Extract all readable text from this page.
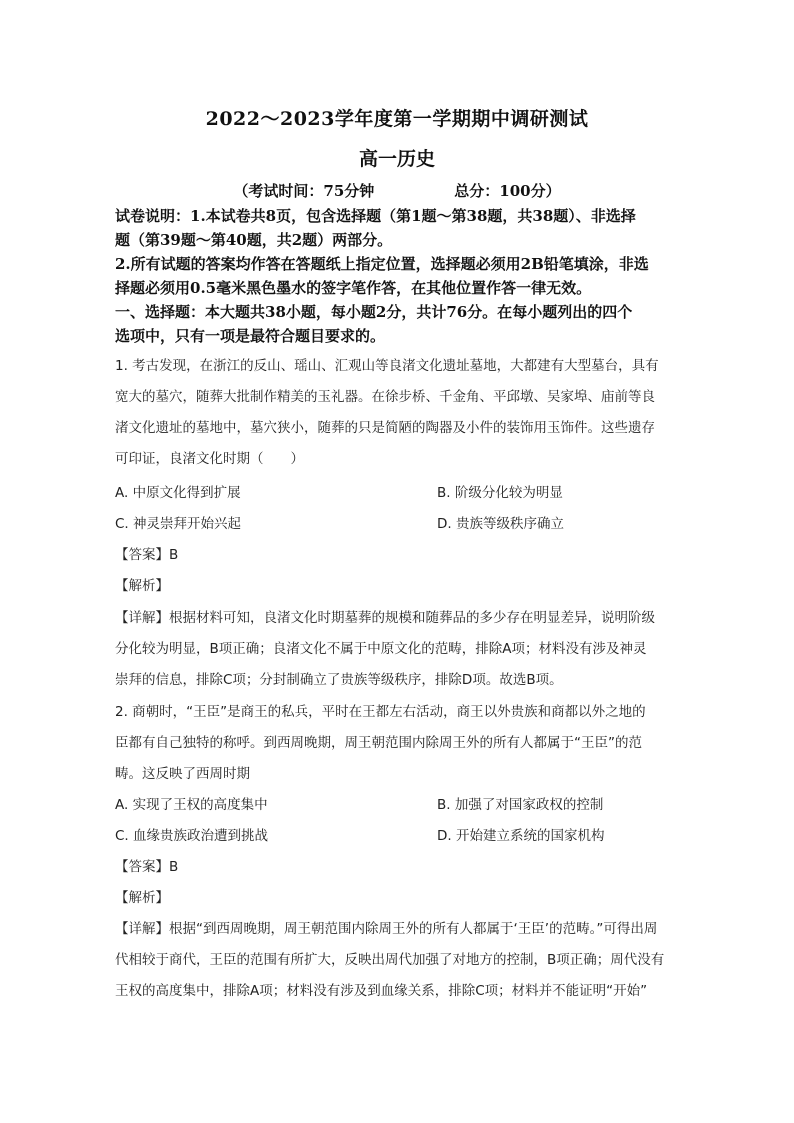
2022～2023学年度第一学期期中调研测试
高一历史
（考试时间：75分钟	总分：100分）
试卷说明：1.本试卷共8页，包含选择题（第1题～第38题，共38题）、非选择
题（第39题～第40题，共2题）两部分。
2.所有试题的答案均作答在答题纸上指定位置，选择题必须用2B铅笔填涂，非选
择题必须用0.5毫米黑色墨水的签字笔作答，在其他位置作答一律无效。
一、选择题：本大题共38小题，每小题2分，共计76分。在每小题列出的四个
选项中，只有一项是最符合题目要求的。
1. 考古发现，在浙江的反山、瑶山、汇观山等良渚文化遗址墓地，大都建有大型墓台，具有
宽大的墓穴，随葬大批制作精美的玉礼器。在徐步桥、千金角、平邱墩、吴家埠、庙前等良
渚文化遗址的墓地中，墓穴狭小，随葬的只是简陋的陶器及小件的装饰用玉饰件。这些遗存
可印证，良渚文化时期（　　）
A. 中原文化得到扩展	B. 阶级分化较为明显
C. 神灵崇拜开始兴起	D. 贵族等级秩序确立
【答案】B
【解析】
【详解】根据材料可知，良渚文化时期墓葬的规模和随葬品的多少存在明显差异，说明阶级
分化较为明显，B项正确；良渚文化不属于中原文化的范畴，排除A项；材料没有涉及神灵
崇拜的信息，排除C项；分封制确立了贵族等级秩序，排除D项。故选B项。
2. 商朝时，“王臣”是商王的私兵，平时在王都左右活动，商王以外贵族和商都以外之地的
臣都有自己独特的称呼。到西周晚期，周王朝范围内除周王外的所有人都属于“王臣”的范
畴。这反映了西周时期
A. 实现了王权的高度集中	B. 加强了对国家政权的控制
C. 血缘贵族政治遭到挑战	D. 开始建立系统的国家机构
【答案】B
【解析】
【详解】根据“到西周晚期，周王朝范围内除周王外的所有人都属于‘王臣’的范畴。”可得出周
代相较于商代，王臣的范围有所扩大，反映出周代加强了对地方的控制，B项正确；周代没有
王权的高度集中，排除A项；材料没有涉及到血缘关系，排除C项；材料并不能证明“开始”
